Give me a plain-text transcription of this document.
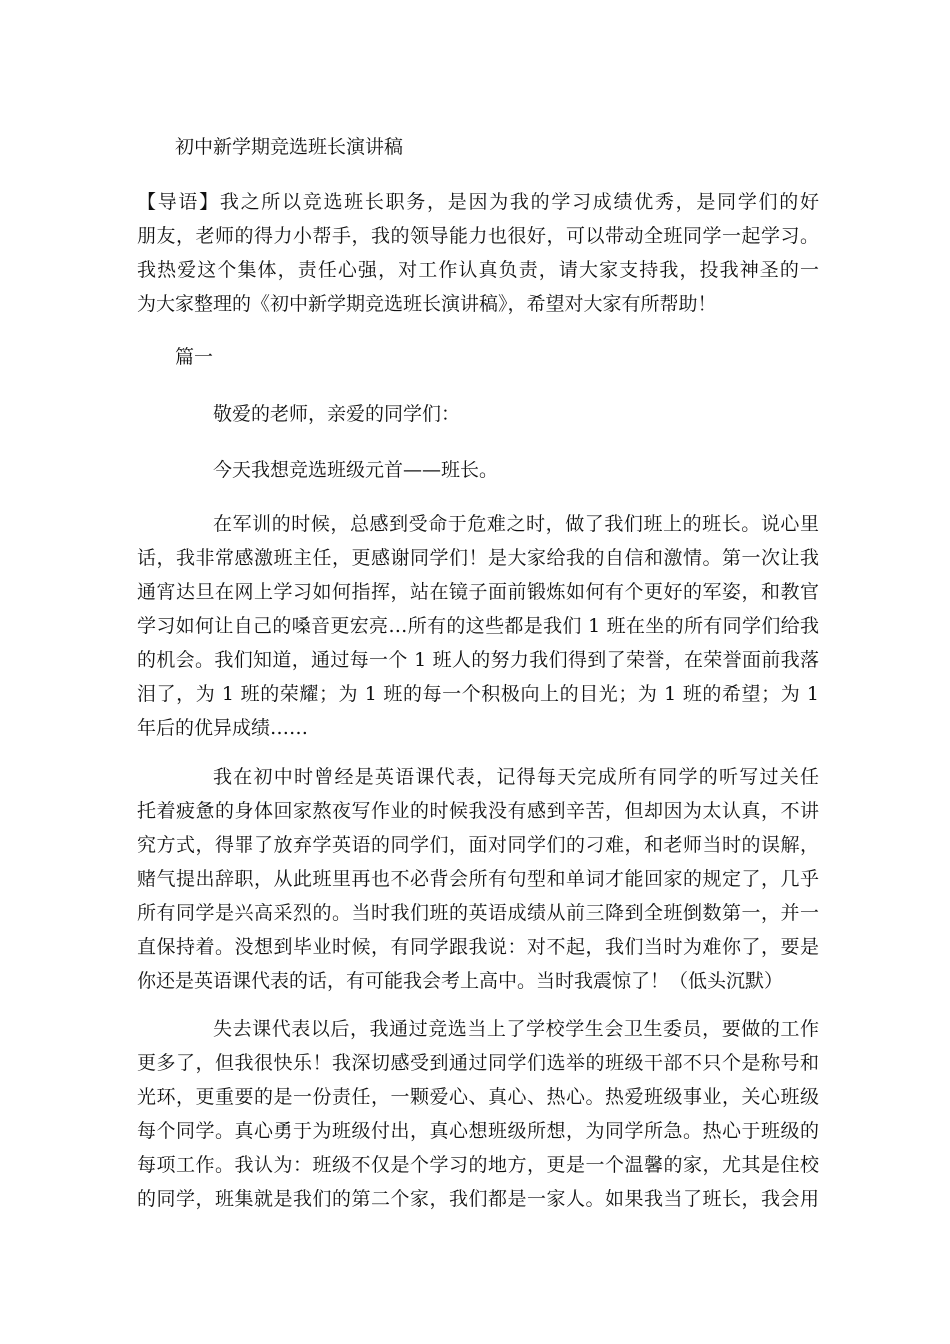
初中新学期竞选班长演讲稿
【导语】我之所以竞选班长职务，是因为我的学习成绩优秀，是同学们的好
朋友，老师的得力小帮手，我的领导能力也很好，可以带动全班同学一起学习。
我热爱这个集体，责任心强，对工作认真负责，请大家支持我，投我神圣的一
为大家整理的《初中新学期竞选班长演讲稿》，希望对大家有所帮助！
篇一
敬爱的老师，亲爱的同学们：
今天我想竞选班级元首——班长。
在军训的时候，总感到受命于危难之时，做了我们班上的班长。说心里
话，我非常感激班主任，更感谢同学们！是大家给我的自信和激情。第一次让我
通宵达旦在网上学习如何指挥，站在镜子面前锻炼如何有个更好的军姿，和教官
学习如何让自己的嗓音更宏亮…所有的这些都是我们 1 班在坐的所有同学们给我
的机会。我们知道，通过每一个 1 班人的努力我们得到了荣誉，在荣誉面前我落
泪了，为 1 班的荣耀；为 1 班的每一个积极向上的目光；为 1 班的希望；为 1
年后的优异成绩……
我在初中时曾经是英语课代表，记得每天完成所有同学的听写过关任
托着疲惫的身体回家熬夜写作业的时候我没有感到辛苦，但却因为太认真，不讲
究方式，得罪了放弃学英语的同学们，面对同学们的刁难，和老师当时的误解，
赌气提出辞职，从此班里再也不必背会所有句型和单词才能回家的规定了，几乎
所有同学是兴高采烈的。当时我们班的英语成绩从前三降到全班倒数第一，并一
直保持着。没想到毕业时候，有同学跟我说：对不起，我们当时为难你了，要是
你还是英语课代表的话，有可能我会考上高中。当时我震惊了！（低头沉默）
失去课代表以后，我通过竞选当上了学校学生会卫生委员，要做的工作
更多了，但我很快乐！我深切感受到通过同学们选举的班级干部不只个是称号和
光环，更重要的是一份责任，一颗爱心、真心、热心。热爱班级事业，关心班级
每个同学。真心勇于为班级付出，真心想班级所想，为同学所急。热心于班级的
每项工作。我认为：班级不仅是个学习的地方，更是一个温馨的家，尤其是住校
的同学，班集就是我们的第二个家，我们都是一家人。如果我当了班长，我会用
